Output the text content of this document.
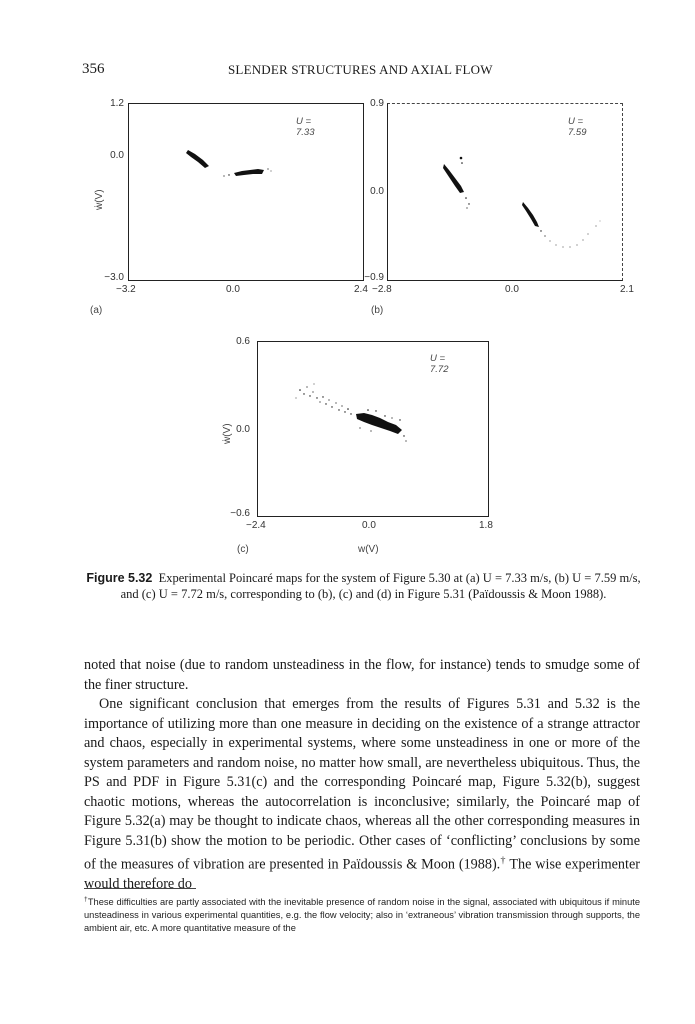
356	SLENDER STRUCTURES AND AXIAL FLOW
1.2
0.0
−3.0
−3.2	0.0	2.4
U = 7.33
ẇ(V)
(a)
0.9
0.0
−0.9
−2.8	0.0	2.1
U = 7.59
(b)
0.6
0.0
−0.6
−2.4	0.0	1.8
U = 7.72
ẇ(V)
w(V)
(c)
Figure 5.32 Experimental Poincaré maps for the system of Figure 5.30 at (a) U = 7.33 m/s, (b) U = 7.59 m/s, and (c) U = 7.72 m/s, corresponding to (b), (c) and (d) in Figure 5.31 (Païdoussis & Moon 1988).

noted that noise (due to random unsteadiness in the flow, for instance) tends to smudge some of the finer structure.

One significant conclusion that emerges from the results of Figures 5.31 and 5.32 is the importance of utilizing more than one measure in deciding on the existence of a strange attractor and chaos, especially in experimental systems, where some unsteadiness in one or more of the system parameters and random noise, no matter how small, are nevertheless ubiquitous. Thus, the PS and PDF in Figure 5.31(c) and the corresponding Poincaré map, Figure 5.32(b), suggest chaotic motions, whereas the autocorrelation is inconclusive; similarly, the Poincaré map of Figure 5.32(a) may be thought to indicate chaos, whereas all the other corresponding measures in Figure 5.31(b) show the motion to be periodic. Other cases of ‘conflicting’ conclusions by some of the measures of vibration are presented in Païdoussis & Moon (1988).† The wise experimenter would therefore do

†These difficulties are partly associated with the inevitable presence of random noise in the signal, associated with ubiquitous if minute unsteadiness in various experimental quantities, e.g. the flow velocity; also in ‘extraneous’ vibration transmission through supports, the ambient air, etc. A more quantitative measure of the
